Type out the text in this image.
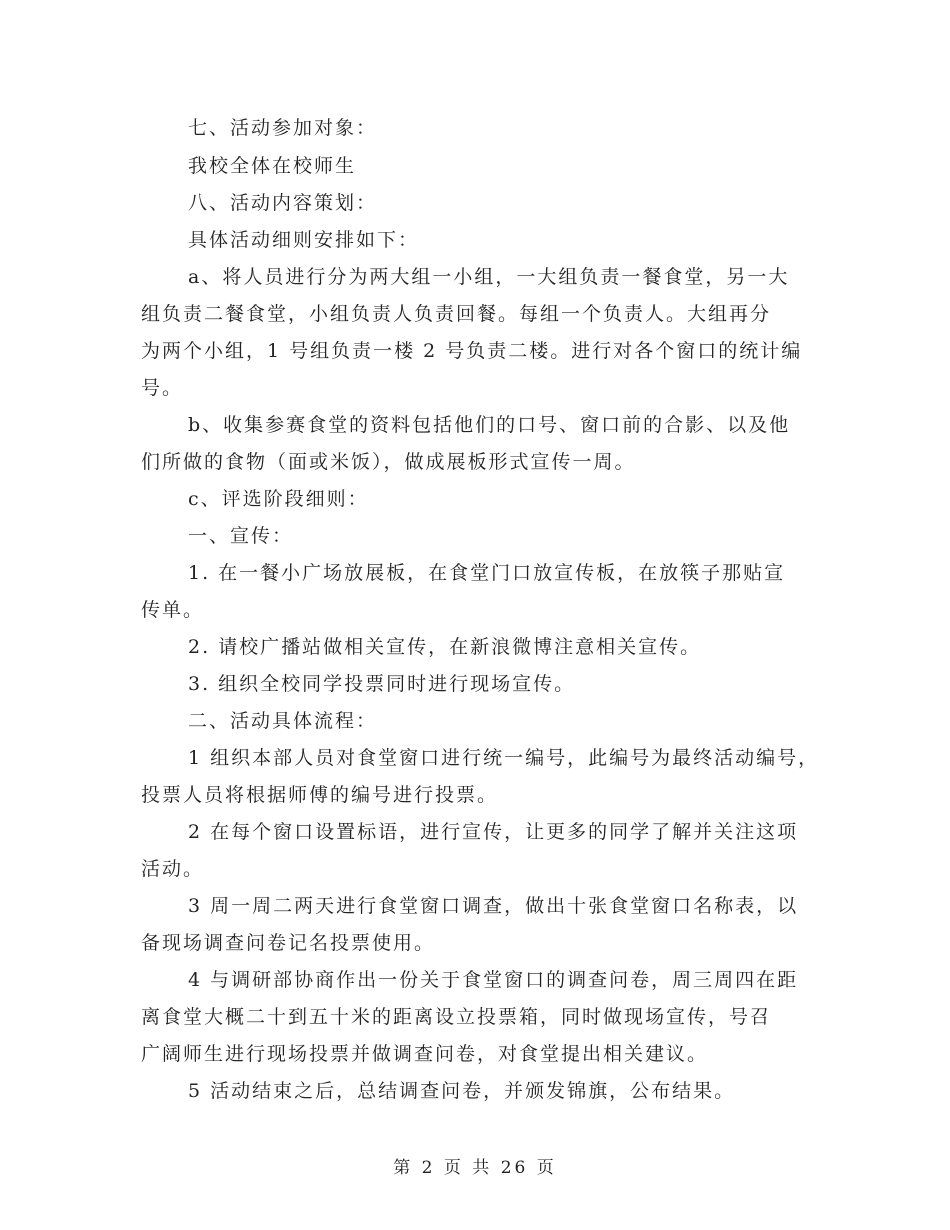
七、活动参加对象：
我校全体在校师生
八、活动内容策划：
具体活动细则安排如下：
a、将人员进行分为两大组一小组，一大组负责一餐食堂，另一大
组负责二餐食堂，小组负责人负责回餐。每组一个负责人。大组再分
为两个小组，1 号组负责一楼 2 号负责二楼。进行对各个窗口的统计编
号。
b、收集参赛食堂的资料包括他们的口号、窗口前的合影、以及他
们所做的食物（面或米饭），做成展板形式宣传一周。
c、评选阶段细则：
一、宣传：
1. 在一餐小广场放展板，在食堂门口放宣传板，在放筷子那贴宣
传单。
2. 请校广播站做相关宣传，在新浪微博注意相关宣传。
3. 组织全校同学投票同时进行现场宣传。
二、活动具体流程：
1 组织本部人员对食堂窗口进行统一编号，此编号为最终活动编号，
投票人员将根据师傅的编号进行投票。
2 在每个窗口设置标语，进行宣传，让更多的同学了解并关注这项
活动。
3 周一周二两天进行食堂窗口调查，做出十张食堂窗口名称表，以
备现场调查问卷记名投票使用。
4 与调研部协商作出一份关于食堂窗口的调查问卷，周三周四在距
离食堂大概二十到五十米的距离设立投票箱，同时做现场宣传，号召
广阔师生进行现场投票并做调查问卷，对食堂提出相关建议。
5 活动结束之后，总结调查问卷，并颁发锦旗，公布结果。
第 2 页 共 26 页
